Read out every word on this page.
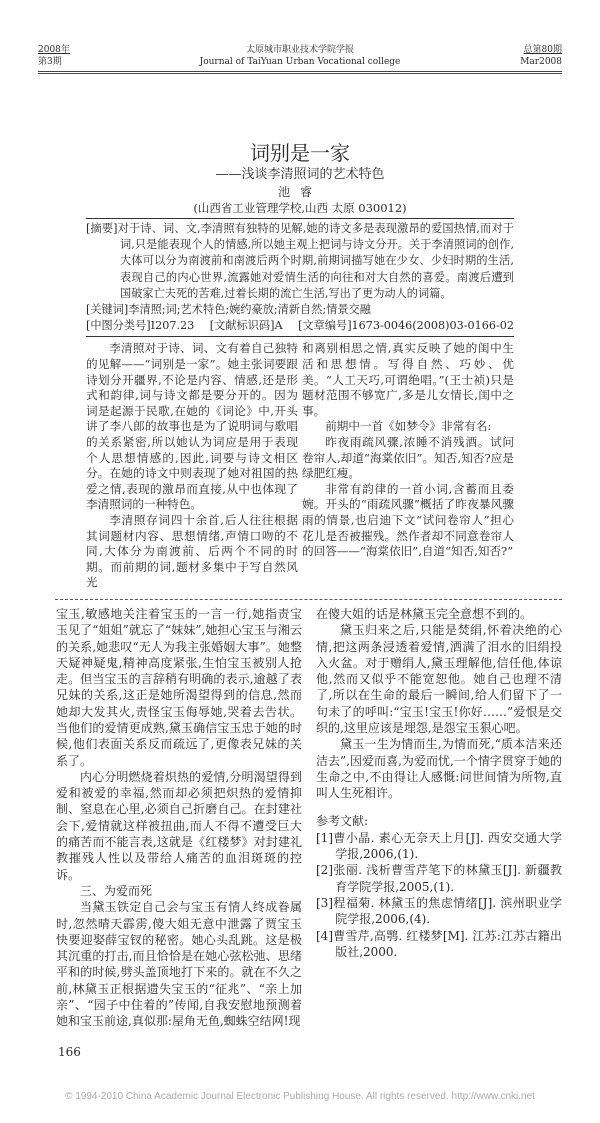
2008年
第3期
太原城市职业技术学院学报
Journal of TaiYuan Urban Vocational college
总第80期
Mar2008
词别是一家
——浅谈李清照词的艺术特色
池睿
(山西省工业管理学校,山西 太原 030012)
[摘要]对于诗、词、文,李清照有独特的见解,她的诗文多是表现激昂的爱国热情,而对于词,只是能表现个人的情感,所以她主观上把词与诗文分开。关于李清照词的创作,大体可以分为南渡前和南渡后两个时期,前期词描写她在少女、少妇时期的生活,表现自己的内心世界,流露她对爱情生活的向往和对大自然的喜爱。南渡后遭到国破家亡夫死的苦难,过着长期的流亡生活,写出了更为动人的词篇。
[关键词]李清照;词;艺术特色;婉约豪放;清新自然;情景交融
[中图分类号]I207.23 [文献标识码]A [文章编号]1673-0046(2008)03-0166-02

李清照对于诗、词、文有着自己独特的见解——“词别是一家”。她主张词要跟诗划分开疆界,不论是内容、情感,还是形式和韵律,词与诗文都是要分开的。因为词是起源于民歌,在她的《词论》中,开头讲了李八郎的故事也是为了说明词与歌唱的关系紧密,所以她认为词应是用于表现个人思想情感的,因此,词要与诗文相区分。在她的诗文中则表现了她对祖国的热爱之情,表现的激昂而直接,从中也体现了李清照词的一种特色。

李清照存词四十余首,后人往往根据其词题材内容、思想情绪,声情口吻的不同,大体分为南渡前、后两个不同的时期。而前期的词,题材多集中于写自然风光

和离别相思之情,真实反映了她的闺中生活和思想情。写得自然、巧妙、优美。“人工天巧,可谓绝唱。”(王士祯)只是题材范围不够宽广,多是儿女情长,闺中之事。

前期中一首《如梦令》非常有名:

昨夜雨疏风骤,浓睡不消残酒。试问卷帘人,却道“海棠依旧”。知否,知否?应是绿肥红瘦。

非常有韵律的一首小词,含蓄而且委婉。开头的“雨疏风骤”概括了昨夜暴风骤雨的情景,也启迪下文“试问卷帘人”担心花儿是否被摧残。然作者却不同意卷帘人的回答——“海棠依旧”,自道“知否,知否?”

宝玉,敏感地关注着宝玉的一言一行,她指责宝玉见了“姐姐”就忘了“妹妹”,她担心宝玉与湘云的关系,她悲叹“无人为我主张婚姻大事”。她整天疑神疑鬼,精神高度紧张,生怕宝玉被别人抢走。但当宝玉的言辞稍有明确的表示,逾越了表兄妹的关系,这正是她所渴望得到的信息,然而她却大发其火,责怪宝玉侮辱她,哭着去告状。当他们的爱情更成熟,黛玉确信宝玉忠于她的时候,他们表面关系反而疏远了,更像表兄妹的关系了。

内心分明燃烧着炽热的爱情,分明渴望得到爱和被爱的幸福,然而却必须把炽热的爱情抑制、窒息在心里,必须自己折磨自己。在封建社会下,爱情就这样被扭曲,而人不得不遭受巨大的痛苦而不能言表,这就是《红楼梦》对封建礼教摧残人性以及带给人痛苦的血泪斑斑的控诉。

三、为爱而死

当黛玉铁定自己会与宝玉有情人终成眷属时,忽然晴天霹雳,傻大姐无意中泄露了贾宝玉快要迎娶薛宝钗的秘密。她心头乱跳。这是极其沉重的打击,而且恰恰是在她心弦松弛、思绪平和的时候,劈头盖顶地打下来的。就在不久之前,林黛玉正根据遗失宝玉的“征兆”、“亲上加亲”、“园子中住着的”传闻,自我安慰地预测着她和宝玉前途,真似那:屋角无鱼,蜘蛛空结网!现

在傻大姐的话是林黛玉完全意想不到的。

黛玉归来之后,只能是焚绢,怀着决绝的心情,把这两条浸透着爱情,洒满了泪水的旧绢投入火盆。对于赠绢人,黛玉理解他,信任他,体谅他,然而又似乎不能宽恕他。她自己也理不清了,所以在生命的最后一瞬间,给人们留下了一句未了的呼叫:“宝玉!宝玉!你好……”爱恨是交织的,这里应该是埋怨,是怨宝玉狠心吧。

黛玉一生为情而生,为情而死,“质本洁来还洁去”,因爱而喜,为爱而忧,一个情字贯穿于她的生命之中,不由得让人感慨:问世间情为所物,直叫人生死相许。

参考文献:

[1]曹小晶. 素心无奈天上月[J]. 西安交通大学学报,2006,(1).

[2]张丽. 浅析曹雪芹笔下的林黛玉[J]. 新疆教育学院学报,2005,(1).

[3]程福菊. 林黛玉的焦虑情绪[J]. 滨州职业学院学报,2006,(4).

[4]曹雪芹,高鹗. 红楼梦[M]. 江苏:江苏古籍出版社,2000.

166
© 1994-2010 China Academic Journal Electronic Publishing House. All rights reserved. http://www.cnki.net
